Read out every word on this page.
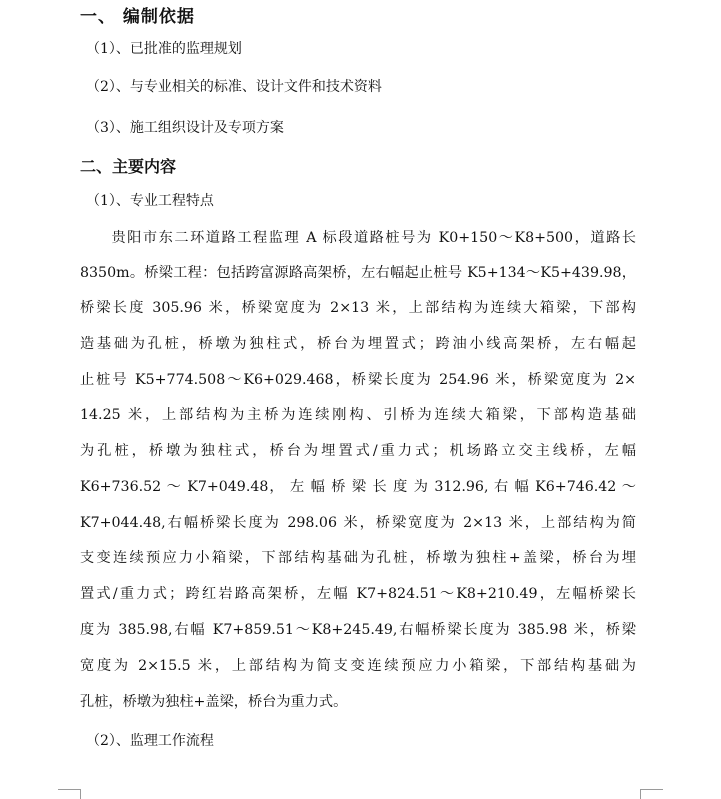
一、 编制依据

（1）、已批准的监理规划

（2）、与专业相关的标准、设计文件和技术资料

（3）、施工组织设计及专项方案

二、主要内容

（1）、专业工程特点

　　贵阳市东二环道路工程监理 A 标段道路桩号为 K0+150～K8+500，道路长

8350m。桥梁工程：包括跨富源路高架桥，左右幅起止桩号 K5+134～K5+439.98，

桥梁长度 305.96 米，桥梁宽度为 2×13 米，上部结构为连续大箱梁，下部构

造基础为孔桩，桥墩为独柱式，桥台为埋置式；跨油小线高架桥，左右幅起

止桩号 K5+774.508～K6+029.468，桥梁长度为 254.96 米，桥梁宽度为 2×

14.25 米，上部结构为主桥为连续刚构、引桥为连续大箱梁，下部构造基础

为孔桩，桥墩为独柱式，桥台为埋置式/重力式；机场路立交主线桥，左幅

K6+736.52 ～ K7+049.48， 左 幅 桥 梁 长 度 为 312.96, 右 幅 K6+746.42 ～

K7+044.48,右幅桥梁长度为 298.06 米，桥梁宽度为 2×13 米，上部结构为简

支变连续预应力小箱梁，下部结构基础为孔桩，桥墩为独柱+盖梁，桥台为埋

置式/重力式；跨红岩路高架桥，左幅 K7+824.51～K8+210.49，左幅桥梁长

度为 385.98,右幅 K7+859.51～K8+245.49,右幅桥梁长度为 385.98 米，桥梁

宽度为 2×15.5 米，上部结构为简支变连续预应力小箱梁，下部结构基础为

孔桩，桥墩为独柱+盖梁，桥台为重力式。

（2）、监理工作流程
